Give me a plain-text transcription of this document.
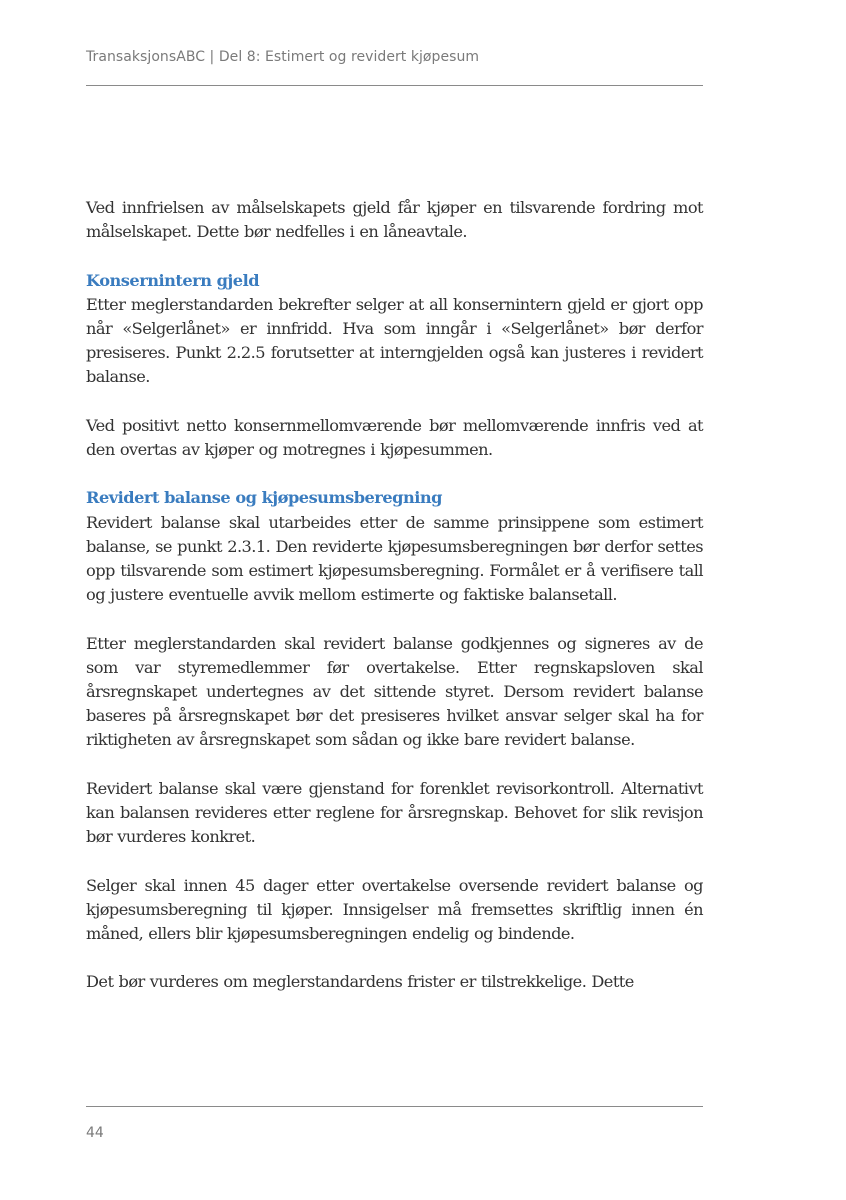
TransaksjonsABC | Del 8: Estimert og revidert kjøpesum

Ved innfrielsen av målselskapets gjeld får kjøper en tilsvarende fordring mot målselskapet. Dette bør nedfelles i en låneavtale.

Konsernintern gjeld

Etter meglerstandarden bekrefter selger at all konsernintern gjeld er gjort opp når «Selgerlånet» er innfridd. Hva som inngår i «Selgerlånet» bør derfor presiseres. Punkt 2.2.5 forutsetter at interngjelden også kan justeres i revidert balanse.

Ved positivt netto konsernmellomværende bør mellomværende innfris ved at den overtas av kjøper og motregnes i kjøpesummen.

Revidert balanse og kjøpesumsberegning

Revidert balanse skal utarbeides etter de samme prinsippene som estimert balanse, se punkt 2.3.1. Den reviderte kjøpesumsberegningen bør derfor settes opp tilsvarende som estimert kjøpesumsberegning. Formålet er å verifisere tall og justere eventuelle avvik mellom estimerte og faktiske balansetall.

Etter meglerstandarden skal revidert balanse godkjennes og signeres av de som var styremedlemmer før overtakelse. Etter regnskapsloven skal årsregnskapet undertegnes av det sittende styret. Dersom revidert balanse baseres på årsregnskapet bør det presiseres hvilket ansvar selger skal ha for riktigheten av årsregnskapet som sådan og ikke bare revidert balanse.

Revidert balanse skal være gjenstand for forenklet revisorkontroll. Alternativt kan balansen revideres etter reglene for årsregnskap. Behovet for slik revisjon bør vurderes konkret.

Selger skal innen 45 dager etter overtakelse oversende revidert balanse og kjøpesumsberegning til kjøper. Innsigelser må fremsettes skriftlig innen én måned, ellers blir kjøpesumsberegningen endelig og bindende.

Det bør vurderes om meglerstandardens frister er tilstrekkelige. Dette

44
